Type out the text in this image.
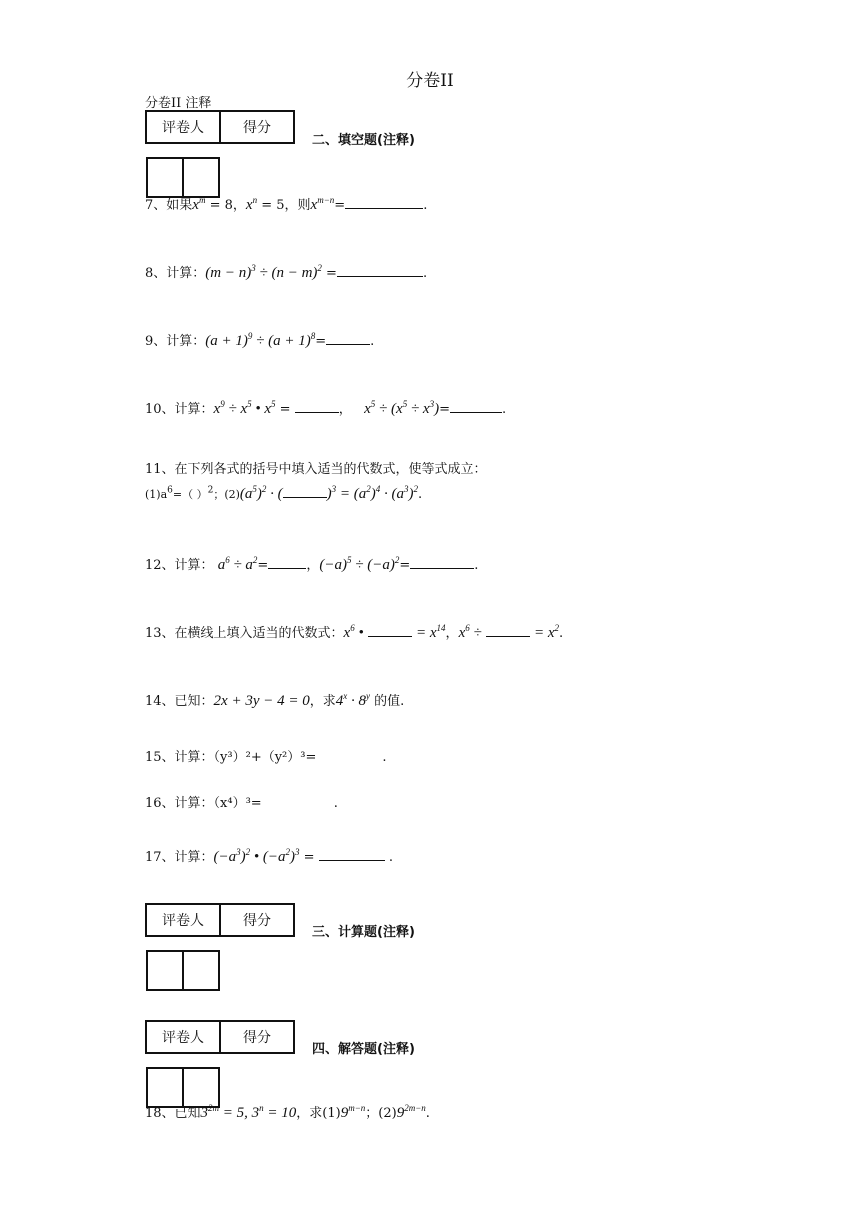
分卷II
分卷II 注释
评卷人	得分

二、填空题(注释)
7、如果$x^m = 8$，$x^n = 5$，则$x^{m-n}=$	.
8、计算：$(m - n)^3 \div (n - m)^2$ =	.
9、计算：$(a + 1)^9 \div (a + 1)^8=$	.
10、计算：$x^9 \div x^5$ • $x^5$ =	， $x^5 \div (x^5 \div x^3)=$	.
11、在下列各式的括号中填入适当的代数式，使等式成立：
$(1)a^6=$（ ）$^2$；$(2)(a^5)^2$ · (	)$^3 = (a^2)^4 \cdot (a^3)^2$.
12、计算： $a^6 \div a^2=$	，$(-a)^5 \div (-a)^2=$	.
13、在横线上填入适当的代数式：$x^6$ •	= $x^{14}$，$x^6$ ÷	= $x^2$.
14、已知：2x + 3y − 4 = 0，求$4^x \cdot 8^y$ 的值.
15、计算：（y³）²+（y²）³=	.
16、计算：（x⁴）³=	.
17、计算：$(-a^3)^2$ • $(-a^2)^3$ =	.
评卷人	得分

三、计算题(注释)
评卷人	得分

四、解答题(注释)
18、已知$3^{2m} = 5$, $3^n = 10$，求$(1)9^{m-n}$；$(2)9^{2m-n}$.
